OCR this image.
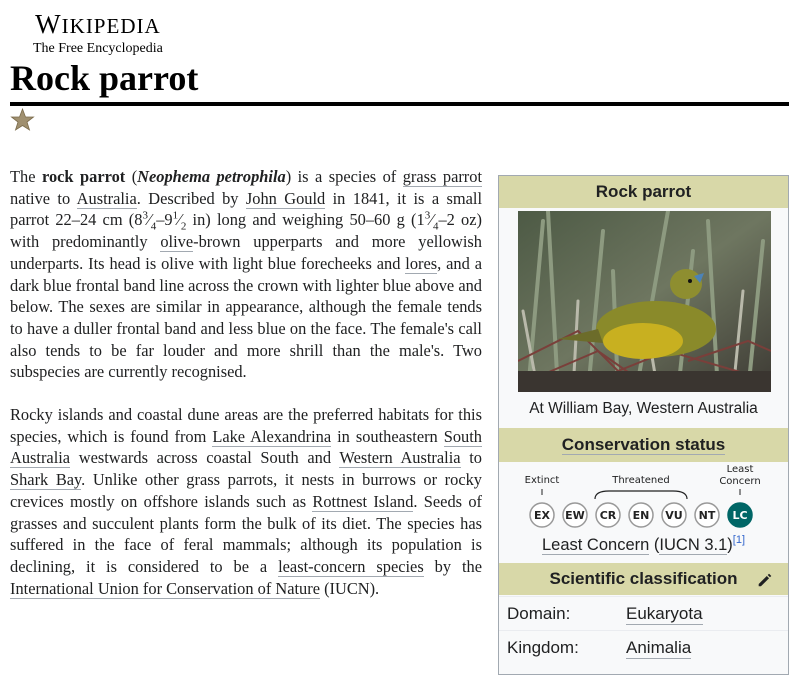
WIKIPEDIA
The Free Encyclopedia
Rock parrot

The rock parrot (Neophema petrophila) is a species of grass parrot native to Australia. Described by John Gould in 1841, it is a small parrot 22–24 cm ($8^3⁄_4-9^1⁄_2$ in) long and weighing 50–60 g ($1^3⁄_4-2$ oz) with predominantly olive-brown upperparts and more yellowish underparts. Its head is olive with light blue forecheeks and lores, and a dark blue frontal band line across the crown with lighter blue above and below. The sexes are similar in appearance, although the female tends to have a duller frontal band and less blue on the face. The female's call also tends to be far louder and more shrill than the male's. Two subspecies are currently recognised.

Rocky islands and coastal dune areas are the preferred habitats for this species, which is found from Lake Alexandrina in southeastern South Australia westwards across coastal South and Western Australia to Shark Bay. Unlike other grass parrots, it nests in burrows or rocky crevices mostly on offshore islands such as Rottnest Island. Seeds of grasses and succulent plants form the bulk of its diet. The species has suffered in the face of feral mammals; although its population is declining, it is considered to be a least-concern species by the International Union for Conservation of Nature (IUCN).

Rock parrot
At William Bay, Western Australia
Conservation status
Extinct	Threatened
Least
Concern
EX EW CR EN VU NT LC
Least Concern (IUCN 3.1)[1]
Scientific classification
Domain:	Eukaryota
Kingdom:	Animalia
